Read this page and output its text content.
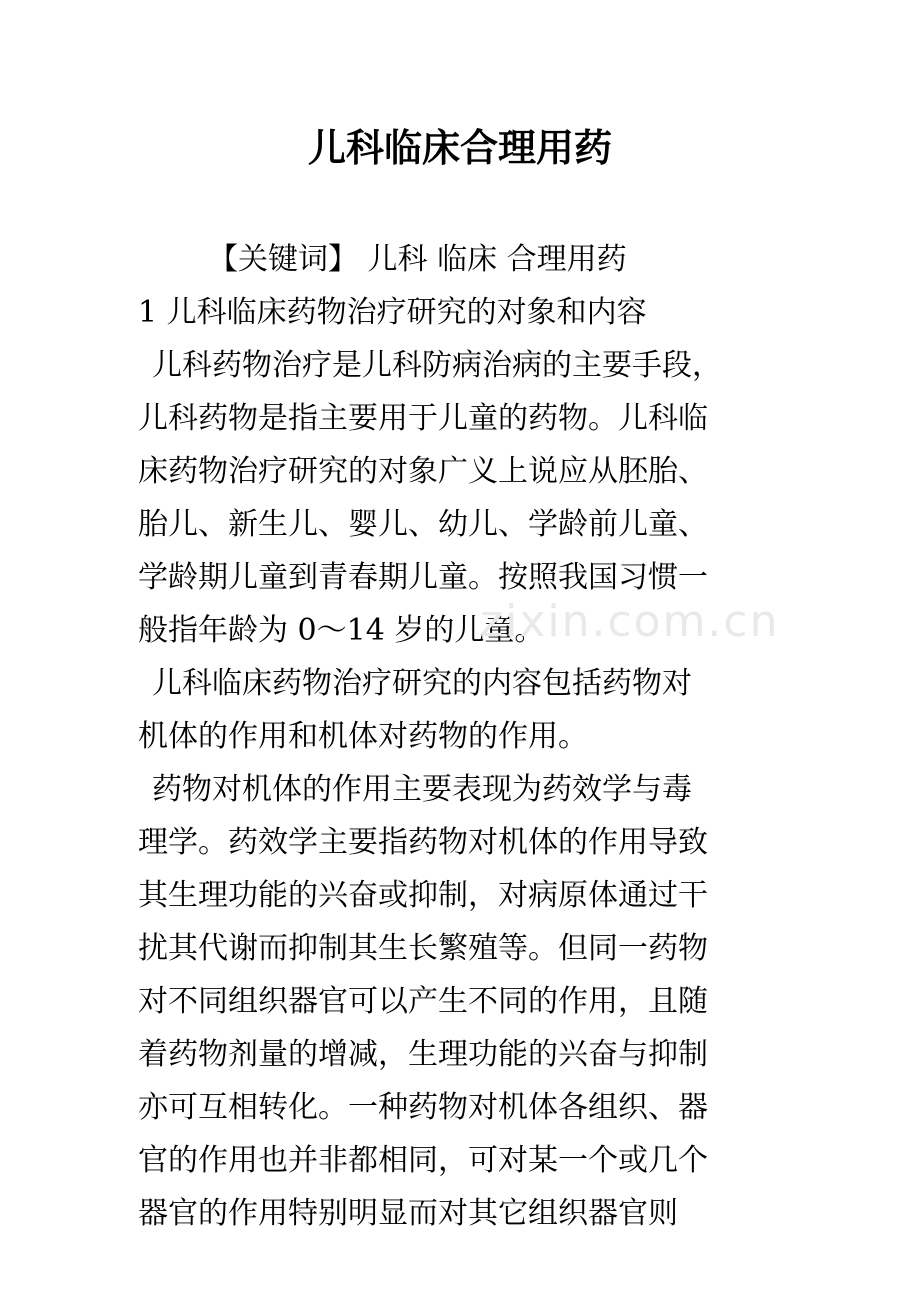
儿科临床合理用药

【关键词】 儿科 临床 合理用药

1 儿科临床药物治疗研究的对象和内容

儿科药物治疗是儿科防病治病的主要手段，

儿科药物是指主要用于儿童的药物。儿科临

床药物治疗研究的对象广义上说应从胚胎、

胎儿、新生儿、婴儿、幼儿、学龄前儿童、

学龄期儿童到青春期儿童。按照我国习惯一

般指年龄为 0～14 岁的儿童。

儿科临床药物治疗研究的内容包括药物对

机体的作用和机体对药物的作用。

药物对机体的作用主要表现为药效学与毒

理学。药效学主要指药物对机体的作用导致

其生理功能的兴奋或抑制，对病原体通过干

扰其代谢而抑制其生长繁殖等。但同一药物

对不同组织器官可以产生不同的作用，且随

着药物剂量的增减，生理功能的兴奋与抑制

亦可互相转化。一种药物对机体各组织、器

官的作用也并非都相同，可对某一个或几个

器官的作用特别明显而对其它组织器官则

zixin.com.cn
